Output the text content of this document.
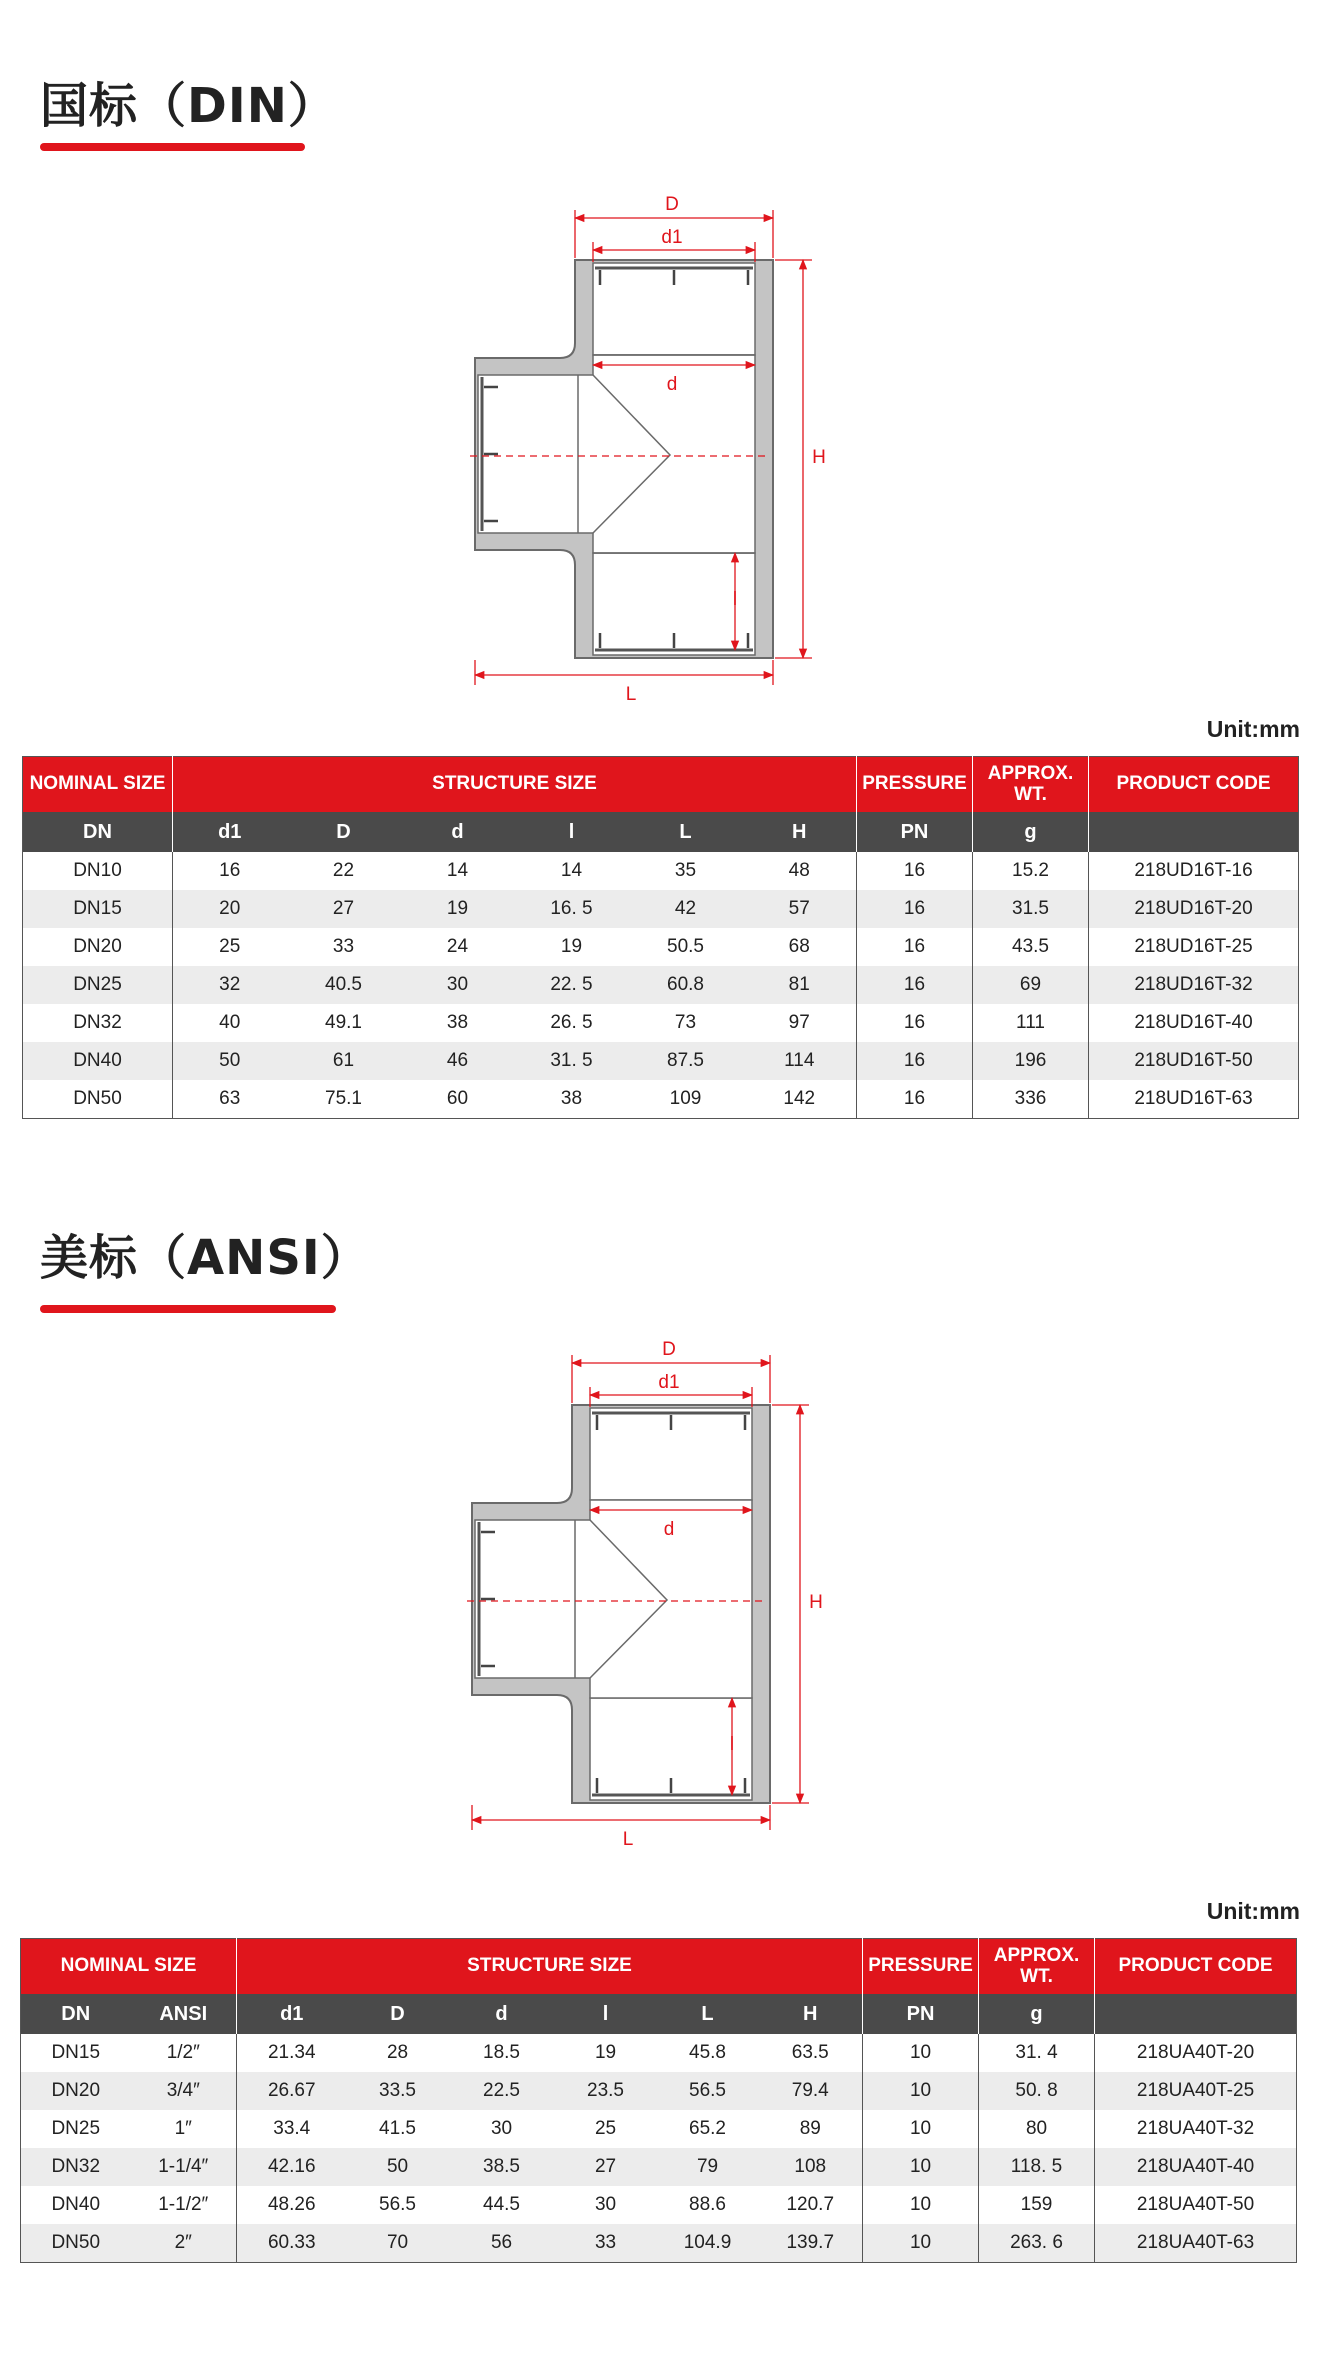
国标（DIN）
D
d1
d
H
l
L
Unit:mm
NOMINAL SIZE	STRUCTURE SIZE						PRESSURE	APPROX. WT.	PRODUCT CODE
DN	d1	D	d	l	L	H	PN	g	
DN10	16	22	14	14	35	48	16	15.2	218UD16T-16
DN15	20	27	19	16. 5	42	57	16	31.5	218UD16T-20
DN20	25	33	24	19	50.5	68	16	43.5	218UD16T-25
DN25	32	40.5	30	22. 5	60.8	81	16	69	218UD16T-32
DN32	40	49.1	38	26. 5	73	97	16	111	218UD16T-40
DN40	50	61	46	31. 5	87.5	114	16	196	218UD16T-50
DN50	63	75.1	60	38	109	142	16	336	218UD16T-63
美标（ANSI）
D
d1
d
H
l
L
Unit:mm
NOMINAL SIZE		STRUCTURE SIZE						PRESSURE	APPROX. WT.	PRODUCT CODE
DN	ANSI	d1	D	d	l	L	H	PN	g	
DN15	1/2″	21.34	28	18.5	19	45.8	63.5	10	31. 4	218UA40T-20
DN20	3/4″	26.67	33.5	22.5	23.5	56.5	79.4	10	50. 8	218UA40T-25
DN25	1″	33.4	41.5	30	25	65.2	89	10	80	218UA40T-32
DN32	1-1/4″	42.16	50	38.5	27	79	108	10	118. 5	218UA40T-40
DN40	1-1/2″	48.26	56.5	44.5	30	88.6	120.7	10	159	218UA40T-50
DN50	2″	60.33	70	56	33	104.9	139.7	10	263. 6	218UA40T-63
